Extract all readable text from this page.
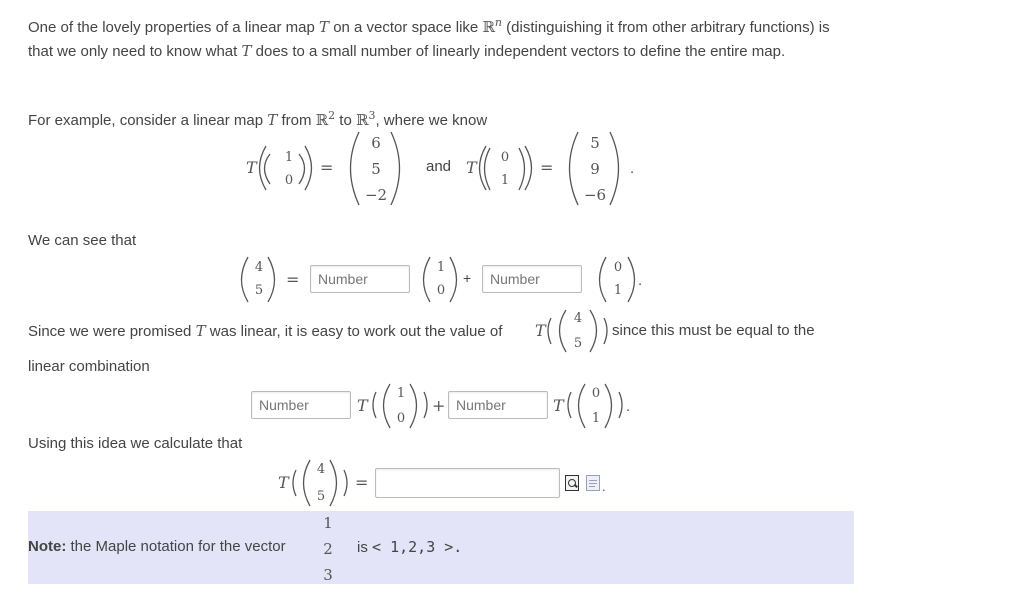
One of the lovely properties of a linear map T on a vector space like ℝ$^n$ (distinguishing it from other arbitrary functions) is that we only need to know what T does to a small number of linearly independent vectors to define the entire map.
For example, consider a linear map T from ℝ$^2$ to ℝ$^3$, where we know
T
1
0
=
6
5
−2
and T
0
1
=
5
9
−6
.
We can see that
4
5
=
Number
1
0
+
Number
0
1
.
Since we were promised T was linear, it is easy to work out the value of T
4
5
since this must be equal to the
linear combination
Number
T
1
0
+
Number	T
0
1
.
Using this idea we calculate that
T
4
5
=	.
Note: the Maple notation for the vector
1
2
3
is < 1,2,3 >.
